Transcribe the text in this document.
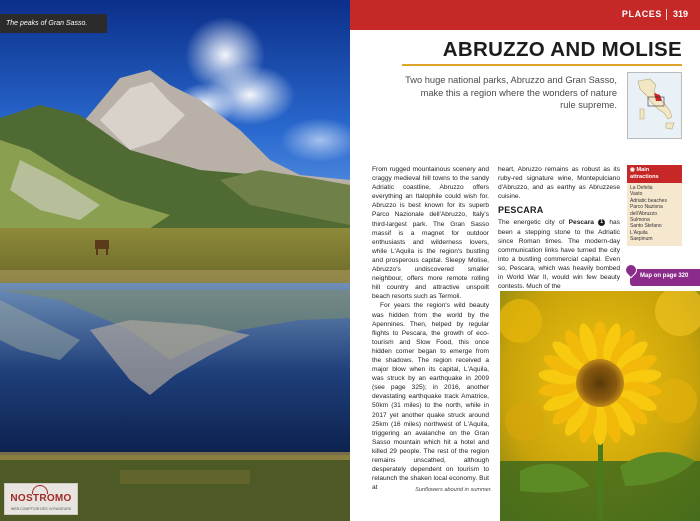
The peaks of Gran Sasso.
NOSTROMO
WEB COMPTOIR DES VOYAGEURS
PLACES 319
ABRUZZO AND MOLISE
Two huge national parks, Abruzzo and Gran Sasso, make this a region where the wonders of nature rule supreme.

From rugged mountainous scenery and craggy medieval hill towns to the sandy Adriatic coastline, Abruzzo offers everything an Italophile could wish for. Abruzzo is best known for its superb Parco Nazionale dell'Abruzzo, Italy's third-largest park. The Gran Sasso massif is a magnet for outdoor enthusiasts and wilderness lovers, while L'Aquila is the region's bustling and prosperous capital. Sleepy Molise, Abruzzo's undiscovered smaller neighbour, offers more remote rolling hill country and attractive unspoilt beach resorts such as Termoli.

For years the region's wild beauty was hidden from the world by the Apennines. Then, helped by regular flights to Pescara, the growth of eco-tourism and Slow Food, this once hidden corner began to emerge from the shadows. The region received a major blow when its capital, L'Aquila, was struck by an earthquake in 2009 (see page 325); in 2016, another devastating earthquake track Amatrice, 50km (31 miles) to the north, while in 2017 yet another quake struck around 25km (16 miles) northwest of L'Aquila, triggering an avalanche on the Gran Sasso mountain which hit a hotel and killed 29 people. The rest of the region remains unscathed, although desperately dependent on tourism to relaunch the shaken local economy. But at

heart, Abruzzo remains as robust as its ruby-red signature wine, Montepulciano d'Abruzzo, and as earthy as Abruzzese cuisine.

PESCARA

The energetic city of Pescara 1 has been a stepping stone to the Adriatic since Roman times. The modern-day communication links have turned the city into a bustling commercial capital. Even so, Pescara, which was heavily bombed in World War II, would win few beauty contests. Much of the

◉ Main attractions
La Defelia
Vasto
Adriatic beaches
Parco Naziona dell'Abruzzo
Sulmona
Santo Stefano
L'Aquila
Saepinum
Map on page 320
Sunflowers abound in summer.
